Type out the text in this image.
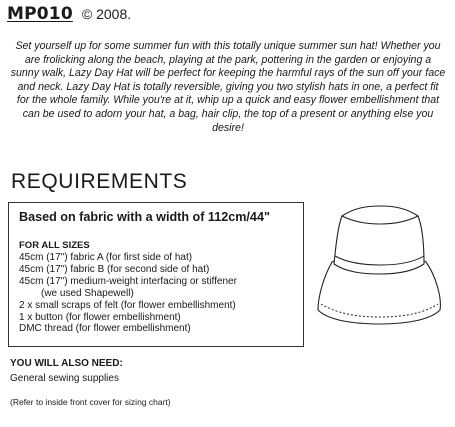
MP010 © 2008.

Set yourself up for some summer fun with this totally unique summer sun hat! Whether you are frolicking along the beach, playing at the park, pottering in the garden or enjoying a sunny walk, Lazy Day Hat will be perfect for keeping the harmful rays of the sun off your face and neck. Lazy Day Hat is totally reversible, giving you two stylish hats in one, a perfect fit for the whole family. While you're at it, whip up a quick and easy flower embellishment that can be used to adorn your hat, a bag, hair clip, the top of a present or anything else you desire!

REQUIREMENTS

Based on fabric with a width of 112cm/44"

FOR ALL SIZES
45cm (17") fabric A (for first side of hat)
45cm (17") fabric B (for second side of hat)
45cm (17") medium-weight interfacing or stiffener
(we used Shapewell)
2 x small scraps of felt (for flower embellishment)
1 x button (for flower embellishment)
DMC thread (for flower embellishment)
YOU WILL ALSO NEED:
General sewing supplies
(Refer to inside front cover for sizing chart)
